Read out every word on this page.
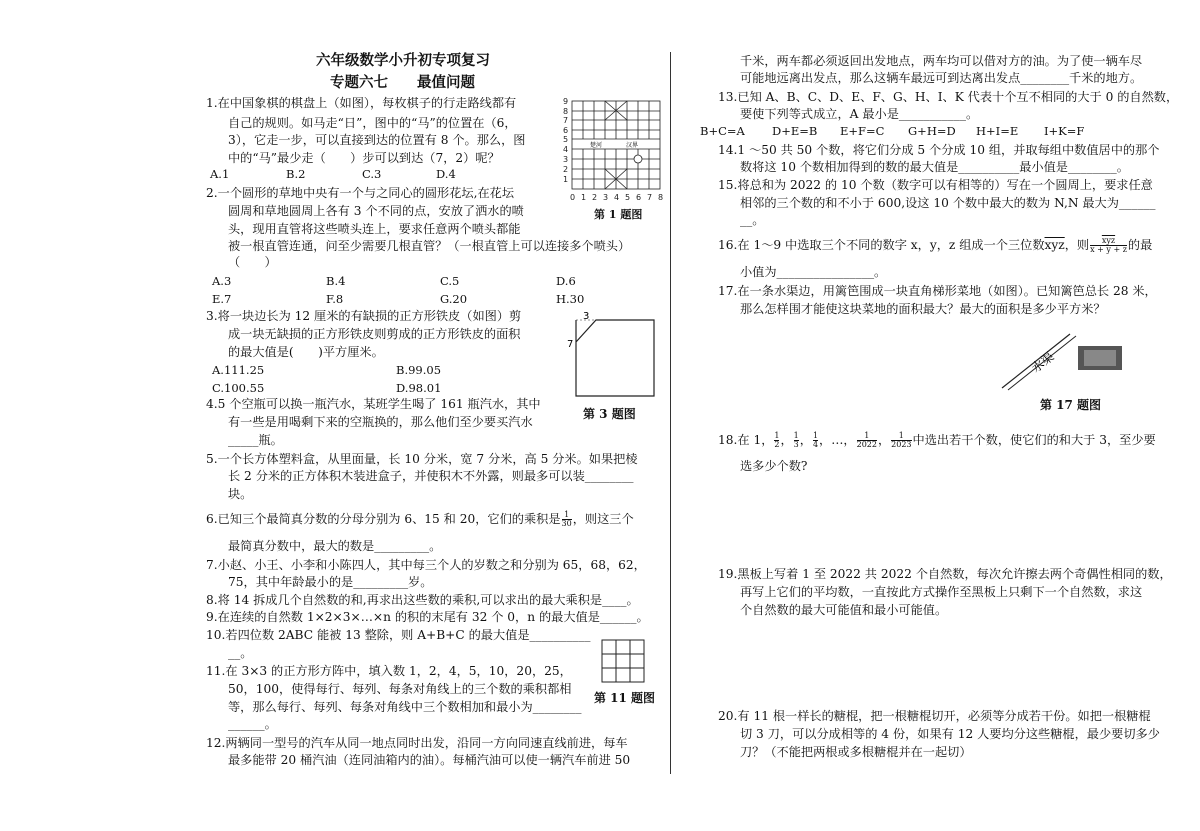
六年级数学小升初专项复习
专题六七　　最值问题
1.在中国象棋的棋盘上（如图），每枚棋子的行走路线都有
自己的规则。如马走“日”，图中的“马”的位置在（6，
3），它走一步，可以直接到达的位置有 8 个。那么，图
中的“马”最少走（　　）步可以到达（7，2）呢？
A.1	B.2	C.3	D.4
楚河	汉界
9
8
7
6
5
4
3
2
1
0 1 2 3 4 5 6 7 8
第 1 题图
2.一个圆形的草地中央有一个与之同心的圆形花坛,在花坛
圆周和草地圆周上各有 3 个不同的点，安放了洒水的喷
头，现用直管将这些喷头连上，要求任意两个喷头都能
被一根直管连通，问至少需要几根直管？（一根直管上可以连接多个喷头）
（　　）
A.3	B.4	C.5	D.6
E.7	F.8	G.20	H.30
3.将一块边长为 12 厘米的有缺损的正方形铁皮（如图）剪
成一块无缺损的正方形铁皮则剪成的正方形铁皮的面积
的最大值是(　　)平方厘米。
A.111.25	B.99.05
C.100.55	D.98.01
3
7
第 3 题图
4.5 个空瓶可以换一瓶汽水，某班学生喝了 161 瓶汽水，其中
有一些是用喝剩下来的空瓶换的，那么他们至少要买汽水
_____瓶。
5.一个长方体塑料盒，从里面量，长 10 分米，宽 7 分米，高 5 分米。如果把棱
长 2 分米的正方体积木装进盒子，并使积木不外露，则最多可以装________
块。
6.已知三个最简真分数的分母分别为 6、15 和 20，它们的乘积是 $\frac{1}{30}$ ，则这三个
最简真分数中，最大的数是_________。
7.小赵、小王、小李和小陈四人，其中每三个人的岁数之和分别为 65，68，62，
75，其中年龄最小的是_________岁。
8.将 14 拆成几个自然数的和,再求出这些数的乘积,可以求出的最大乘积是____。
9.在连续的自然数 1×2×3×…×n 的积的末尾有 32 个 0，n 的最大值是______。
10.若四位数 2ABC 能被 13 整除，则 A+B+C 的最大值是__________
__。
11.在 3×3 的正方形方阵中，填入数 1，2，4，5，10，20，25，
50，100，使得每行、每列、每条对角线上的三个数的乘积都相
等，那么每行、每列、每条对角线中三个数相加和最小为________
______。
第 11 题图
12.两辆同一型号的汽车从同一地点同时出发，沿同一方向同速直线前进，每车
最多能带 20 桶汽油（连同油箱内的油）。每桶汽油可以使一辆汽车前进 50
千米，两车都必须返回出发地点，两车均可以借对方的油。为了使一辆车尽
可能地远离出发点，那么这辆车最远可到达离出发点________千米的地方。
13.已知 A、B、C、D、E、F、G、H、I、K 代表十个互不相同的大于 0 的自然数，
要使下列等式成立，A 最小是___________。
B+C=A D+E=B E+F=C G+H=D H+I=E I+K=F
14.1 ～50 共 50 个数，将它们分成 5 个分成 10 组，并取每组中数值居中的那个
数将这 10 个数相加得到的数的最大值是__________最小值是________。
15.将总和为 2022 的 10 个数（数字可以有相等的）写在一个圆周上，要求任意
相邻的三个数的和不小于 600,设这 10 个数中最大的数为 N,N 最大为______
__。
16.在 1～9 中选取三个不同的数字 x，y，z 组成一个三位数$\overline{xyz}$，则 $\frac{\overline{xyz}}{x + y + z}$ 的最
小值为________________。
17.在一条水渠边，用篱笆围成一块直角梯形菜地（如图）。已知篱笆总长 28 米，
那么怎样围才能使这块菜地的面积最大？最大的面积是多少平方米？
水渠
第 17 题图
18.在 1， $\frac{1}{2}$ ， $\frac{1}{3}$ ， $\frac{1}{4}$ ，…， $\frac{1}{2022}$ ， $\frac{1}{2023}$ 中选出若干个数，使它们的和大于 3，至少要
选多少个数?
19.黑板上写着 1 至 2022 共 2022 个自然数，每次允许擦去两个奇偶性相同的数，
再写上它们的平均数，一直按此方式操作至黑板上只剩下一个自然数，求这
个自然数的最大可能值和最小可能值。
20.有 11 根一样长的糖棍，把一根糖棍切开，必须等分成若干份。如把一根糖棍
切 3 刀，可以分成相等的 4 份，如果有 12 人要均分这些糖棍，最少要切多少
刀？（不能把两根或多根糖棍并在一起切）
